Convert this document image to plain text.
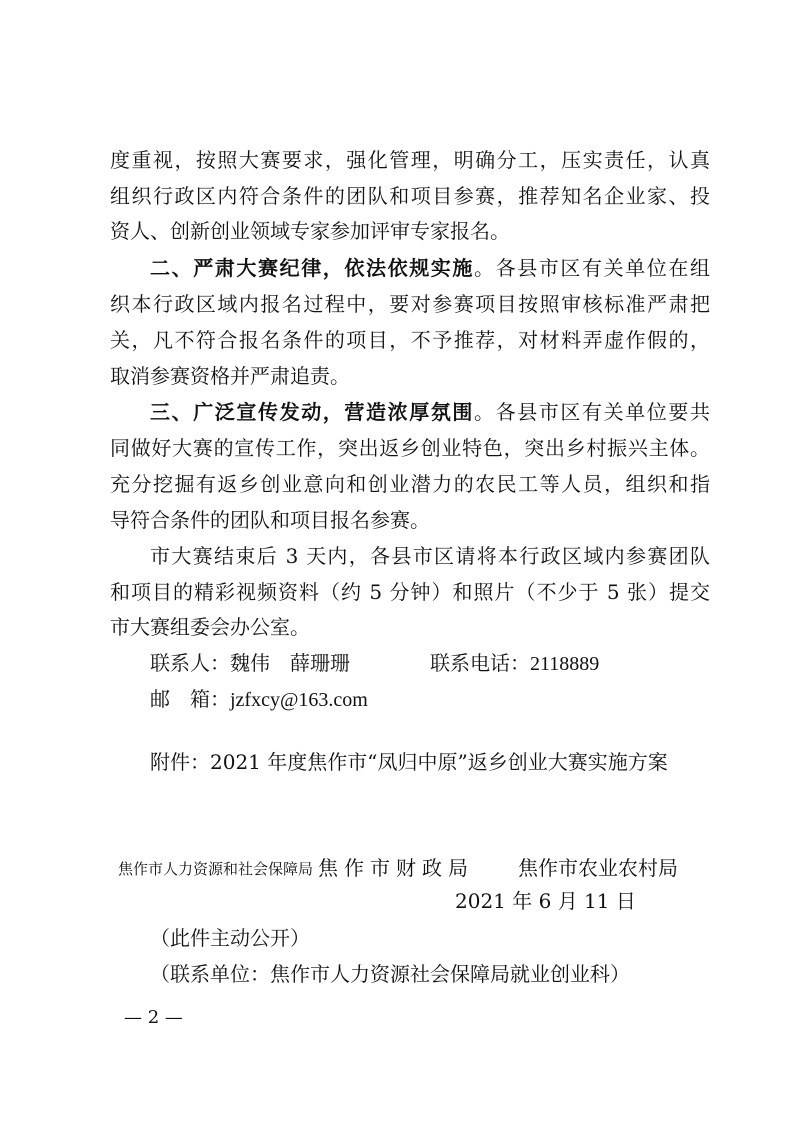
度重视，按照大赛要求，强化管理，明确分工，压实责任，认真
组织行政区内符合条件的团队和项目参赛，推荐知名企业家、投
资人、创新创业领域专家参加评审专家报名。
二、严肃大赛纪律，依法依规实施。各县市区有关单位在组
织本行政区域内报名过程中，要对参赛项目按照审核标准严肃把
关，凡不符合报名条件的项目，不予推荐，对材料弄虚作假的，
取消参赛资格并严肃追责。
三、广泛宣传发动，营造浓厚氛围。各县市区有关单位要共
同做好大赛的宣传工作，突出返乡创业特色，突出乡村振兴主体。
充分挖掘有返乡创业意向和创业潜力的农民工等人员，组织和指
导符合条件的团队和项目报名参赛。
市大赛结束后 3 天内，各县市区请将本行政区域内参赛团队
和项目的精彩视频资料（约 5 分钟）和照片（不少于 5 张）提交
市大赛组委会办公室。
联系人：魏伟　薛珊珊	联系电话：2118889
邮　箱：jzfxcy@163.com
附件：2021 年度焦作市“凤归中原”返乡创业大赛实施方案
焦作市人力资源和社会保障局 焦作市财政局 焦作市农业农村局
2021 年 6 月 11 日
（此件主动公开）
（联系单位：焦作市人力资源社会保障局就业创业科）
— 2 —
